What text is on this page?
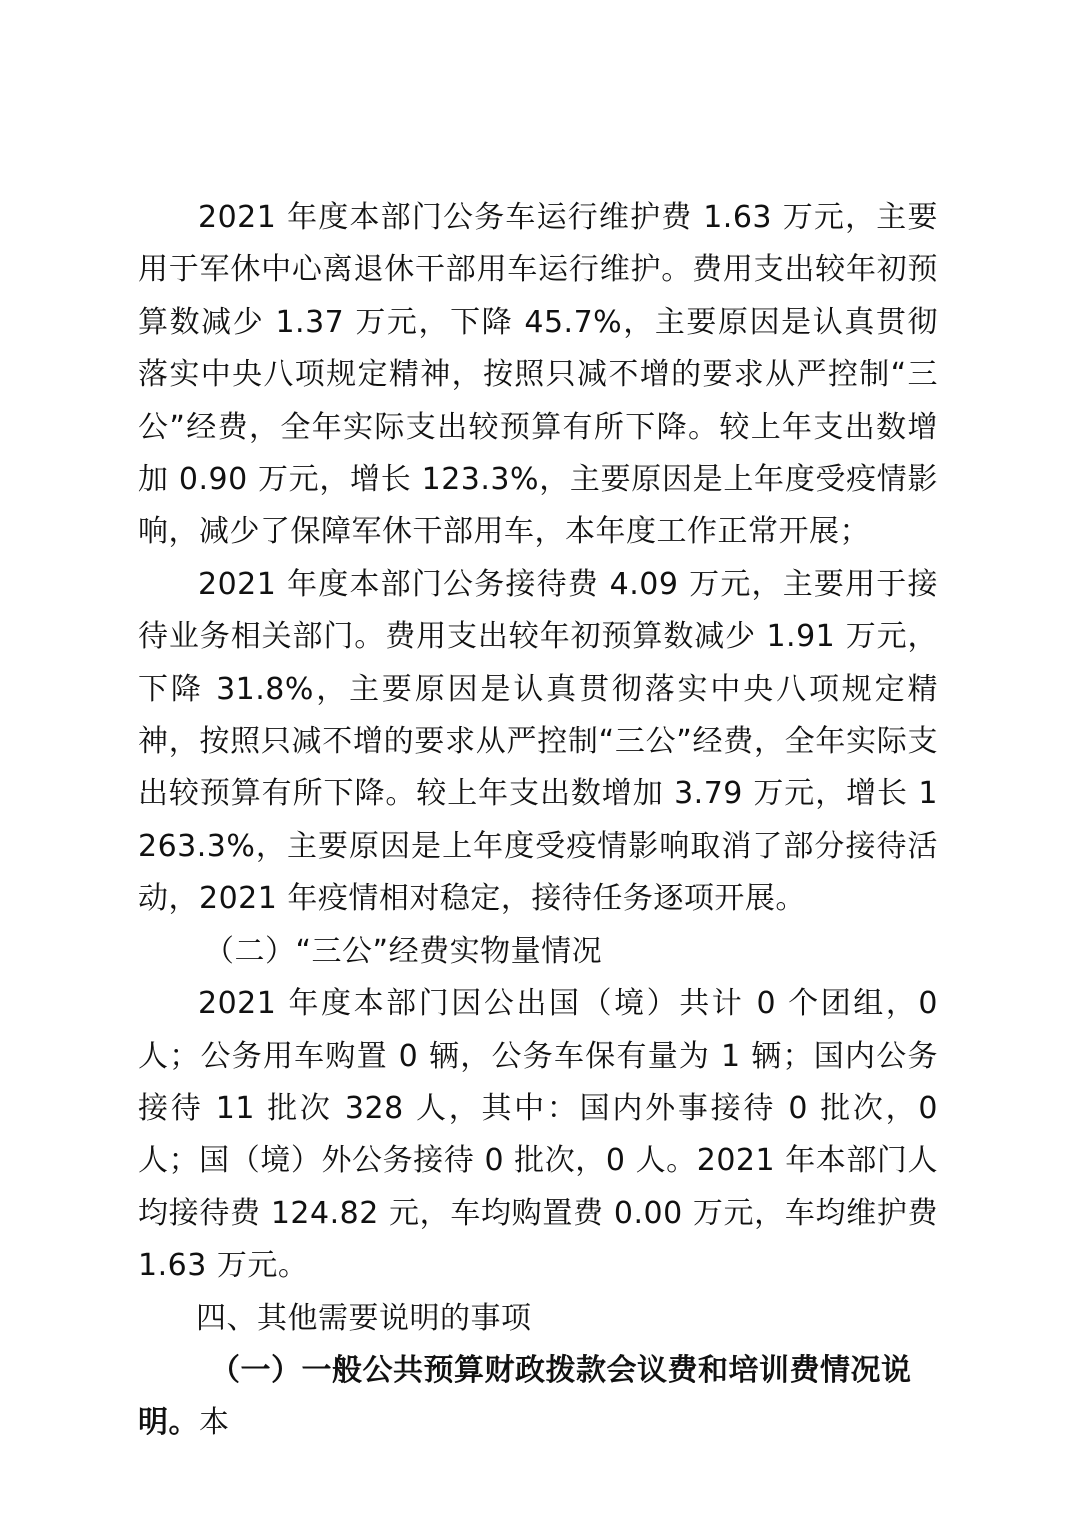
2021 年度本部门公务车运行维护费 1.63 万元，主要用于军休中心离退休干部用车运行维护。费用支出较年初预算数减少 1.37 万元，下降 45.7%，主要原因是认真贯彻落实中央八项规定精神，按照只减不增的要求从严控制“三公”经费，全年实际支出较预算有所下降。较上年支出数增加 0.90 万元，增长 123.3%，主要原因是上年度受疫情影响，减少了保障军休干部用车，本年度工作正常开展；

2021 年度本部门公务接待费 4.09 万元，主要用于接待业务相关部门。费用支出较年初预算数减少 1.91 万元，下降 31.8%，主要原因是认真贯彻落实中央八项规定精神，按照只减不增的要求从严控制“三公”经费，全年实际支出较预算有所下降。较上年支出数增加 3.79 万元，增长 1263.3%，主要原因是上年度受疫情影响取消了部分接待活动，2021 年疫情相对稳定，接待任务逐项开展。

（二）“三公”经费实物量情况

2021 年度本部门因公出国（境）共计 0 个团组，0 人；公务用车购置 0 辆，公务车保有量为 1 辆；国内公务接待 11 批次 328 人，其中：国内外事接待 0 批次，0 人；国（境）外公务接待 0 批次，0 人。2021 年本部门人均接待费 124.82 元，车均购置费 0.00 万元，车均维护费 1.63 万元。

四、其他需要说明的事项

（一）一般公共预算财政拨款会议费和培训费情况说明。本
